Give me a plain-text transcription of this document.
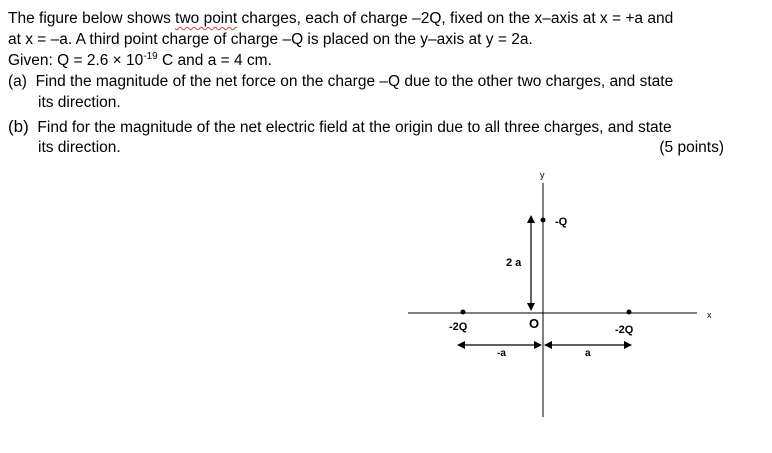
The figure below shows two point charges, each of charge –2Q, fixed on the x–axis at x = +a and
at x = –a. A third point charge of charge –Q is placed on the y–axis at y = 2a.
Given: $Q = 2.6 \times 10^{-19}$ C and a = 4 cm.
(a) Find the magnitude of the net force on the charge –Q due to the other two charges, and state
its direction.
(b) Find for the magnitude of the net electric field at the origin due to all three charges, and state
its direction.	(5 points)
y
x
-Q
-2Q	-2Q
O
2 a
-a	a
